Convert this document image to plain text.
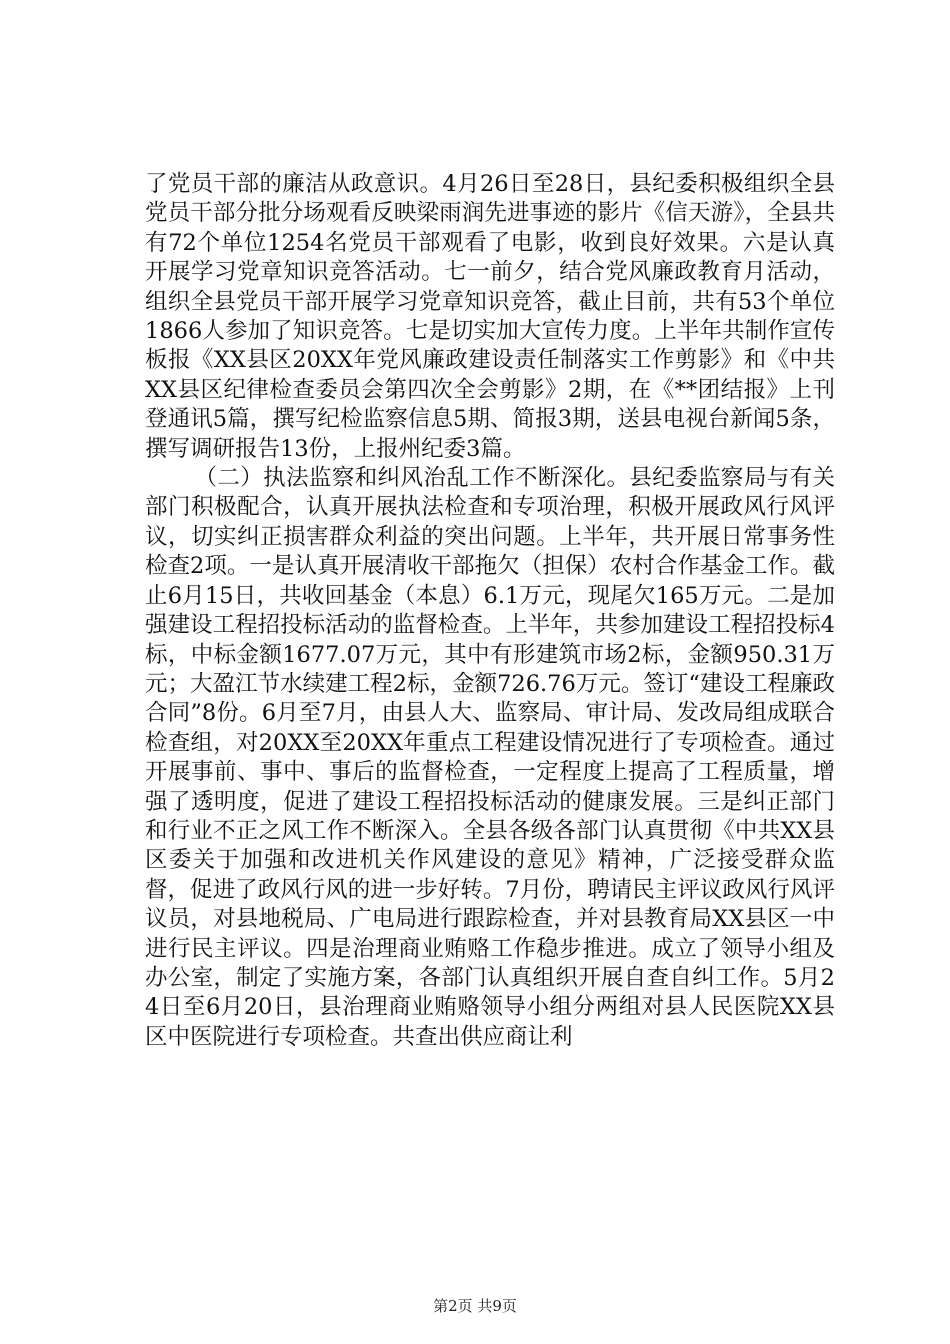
了党员干部的廉洁从政意识。4月26日至28日，县纪委积极组织全县党员干部分批分场观看反映梁雨润先进事迹的影片《信天游》，全县共有72个单位1254名党员干部观看了电影，收到良好效果。六是认真开展学习党章知识竞答活动。七一前夕，结合党风廉政教育月活动，组织全县党员干部开展学习党章知识竞答，截止目前，共有53个单位1866人参加了知识竞答。七是切实加大宣传力度。上半年共制作宣传板报《XX县区20XX年党风廉政建设责任制落实工作剪影》和《中共XX县区纪律检查委员会第四次全会剪影》2期，在《**团结报》上刊登通讯5篇，撰写纪检监察信息5期、简报3期，送县电视台新闻5条，撰写调研报告13份，上报州纪委3篇。

（二）执法监察和纠风治乱工作不断深化。县纪委监察局与有关部门积极配合，认真开展执法检查和专项治理，积极开展政风行风评议，切实纠正损害群众利益的突出问题。上半年，共开展日常事务性检查2项。一是认真开展清收干部拖欠（担保）农村合作基金工作。截止6月15日，共收回基金（本息）6.1万元，现尾欠165万元。二是加强建设工程招投标活动的监督检查。上半年，共参加建设工程招投标4标，中标金额1677.07万元，其中有形建筑市场2标，金额950.31万元；大盈江节水续建工程2标，金额726.76万元。签订“建设工程廉政合同”8份。6月至7月，由县人大、监察局、审计局、发改局组成联合检查组，对20XX至20XX年重点工程建设情况进行了专项检查。通过开展事前、事中、事后的监督检查，一定程度上提高了工程质量，增强了透明度，促进了建设工程招投标活动的健康发展。三是纠正部门和行业不正之风工作不断深入。全县各级各部门认真贯彻《中共XX县区委关于加强和改进机关作风建设的意见》精神，广泛接受群众监督，促进了政风行风的进一步好转。7月份，聘请民主评议政风行风评议员，对县地税局、广电局进行跟踪检查，并对县教育局XX县区一中进行民主评议。四是治理商业贿赂工作稳步推进。成立了领导小组及办公室，制定了实施方案，各部门认真组织开展自查自纠工作。5月24日至6月20日，县治理商业贿赂领导小组分两组对县人民医院XX县区中医院进行专项检查。共查出供应商让利

第2页 共9页
